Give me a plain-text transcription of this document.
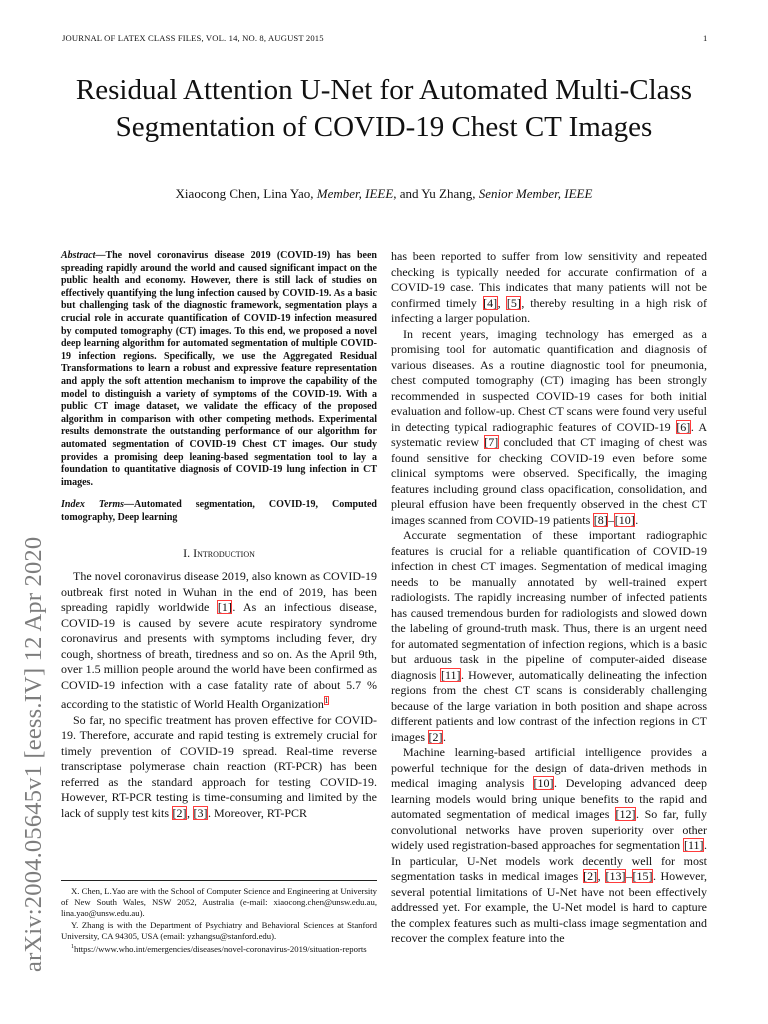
JOURNAL OF LATEX CLASS FILES, VOL. 14, NO. 8, AUGUST 2015	1
Residual Attention U-Net for Automated Multi-Class Segmentation of COVID-19 Chest CT Images
Xiaocong Chen, Lina Yao, Member, IEEE, and Yu Zhang, Senior Member, IEEE
arXiv:2004.05645v1 [eess.IV] 12 Apr 2020

Abstract—The novel coronavirus disease 2019 (COVID-19) has been spreading rapidly around the world and caused significant impact on the public health and economy. However, there is still lack of studies on effectively quantifying the lung infection caused by COVID-19. As a basic but challenging task of the diagnostic framework, segmentation plays a crucial role in accurate quantification of COVID-19 infection measured by computed tomography (CT) images. To this end, we proposed a novel deep learning algorithm for automated segmentation of multiple COVID-19 infection regions. Specifically, we use the Aggregated Residual Transformations to learn a robust and expressive feature representation and apply the soft attention mechanism to improve the capability of the model to distinguish a variety of symptoms of the COVID-19. With a public CT image dataset, we validate the efficacy of the proposed algorithm in comparison with other competing methods. Experimental results demonstrate the outstanding performance of our algorithm for automated segmentation of COVID-19 Chest CT images. Our study provides a promising deep leaning-based segmentation tool to lay a foundation to quantitative diagnosis of COVID-19 lung infection in CT images.

Index Terms—Automated segmentation, COVID-19, Computed tomography, Deep learning

I. Introduction

The novel coronavirus disease 2019, also known as COVID-19 outbreak first noted in Wuhan in the end of 2019, has been spreading rapidly worldwide [1]. As an infectious disease, COVID-19 is caused by severe acute respiratory syndrome coronavirus and presents with symptoms including fever, dry cough, shortness of breath, tiredness and so on. As the April 9th, over 1.5 million people around the world have been confirmed as COVID-19 infection with a case fatality rate of about 5.7 % according to the statistic of World Health Organization$^1$

So far, no specific treatment has proven effective for COVID-19. Therefore, accurate and rapid testing is extremely crucial for timely prevention of COVID-19 spread. Real-time reverse transcriptase polymerase chain reaction (RT-PCR) has been referred as the standard approach for testing COVID-19. However, RT-PCR testing is time-consuming and limited by the lack of supply test kits [2], [3]. Moreover, RT-PCR

X. Chen, L.Yao are with the School of Computer Science and Engineering at University of New South Wales, NSW 2052, Australia (e-mail: xiaocong.chen@unsw.edu.au, lina.yao@unsw.edu.au).

Y. Zhang is with the Department of Psychiatry and Behavioral Sciences at Stanford University, CA 94305, USA (email: yzhangsu@stanford.edu).

$^1$https://www.who.int/emergencies/diseases/novel-coronavirus-2019/situation-reports

has been reported to suffer from low sensitivity and repeated checking is typically needed for accurate confirmation of a COVID-19 case. This indicates that many patients will not be confirmed timely [4], [5], thereby resulting in a high risk of infecting a larger population.

In recent years, imaging technology has emerged as a promising tool for automatic quantification and diagnosis of various diseases. As a routine diagnostic tool for pneumonia, chest computed tomography (CT) imaging has been strongly recommended in suspected COVID-19 cases for both initial evaluation and follow-up. Chest CT scans were found very useful in detecting typical radiographic features of COVID-19 [6]. A systematic review [7] concluded that CT imaging of chest was found sensitive for checking COVID-19 even before some clinical symptoms were observed. Specifically, the imaging features including ground class opacification, consolidation, and pleural effusion have been frequently observed in the chest CT images scanned from COVID-19 patients [8]–[10].

Accurate segmentation of these important radiographic features is crucial for a reliable quantification of COVID-19 infection in chest CT images. Segmentation of medical imaging needs to be manually annotated by well-trained expert radiologists. The rapidly increasing number of infected patients has caused tremendous burden for radiologists and slowed down the labeling of ground-truth mask. Thus, there is an urgent need for automated segmentation of infection regions, which is a basic but arduous task in the pipeline of computer-aided disease diagnosis [11]. However, automatically delineating the infection regions from the chest CT scans is considerably challenging because of the large variation in both position and shape across different patients and low contrast of the infection regions in CT images [2].

Machine learning-based artificial intelligence provides a powerful technique for the design of data-driven methods in medical imaging analysis [10]. Developing advanced deep learning models would bring unique benefits to the rapid and automated segmentation of medical images [12]. So far, fully convolutional networks have proven superiority over other widely used registration-based approaches for segmentation [11]. In particular, U-Net models work decently well for most segmentation tasks in medical images [2], [13]–[15]. However, several potential limitations of U-Net have not been effectively addressed yet. For example, the U-Net model is hard to capture the complex features such as multi-class image segmentation and recover the complex feature into the
